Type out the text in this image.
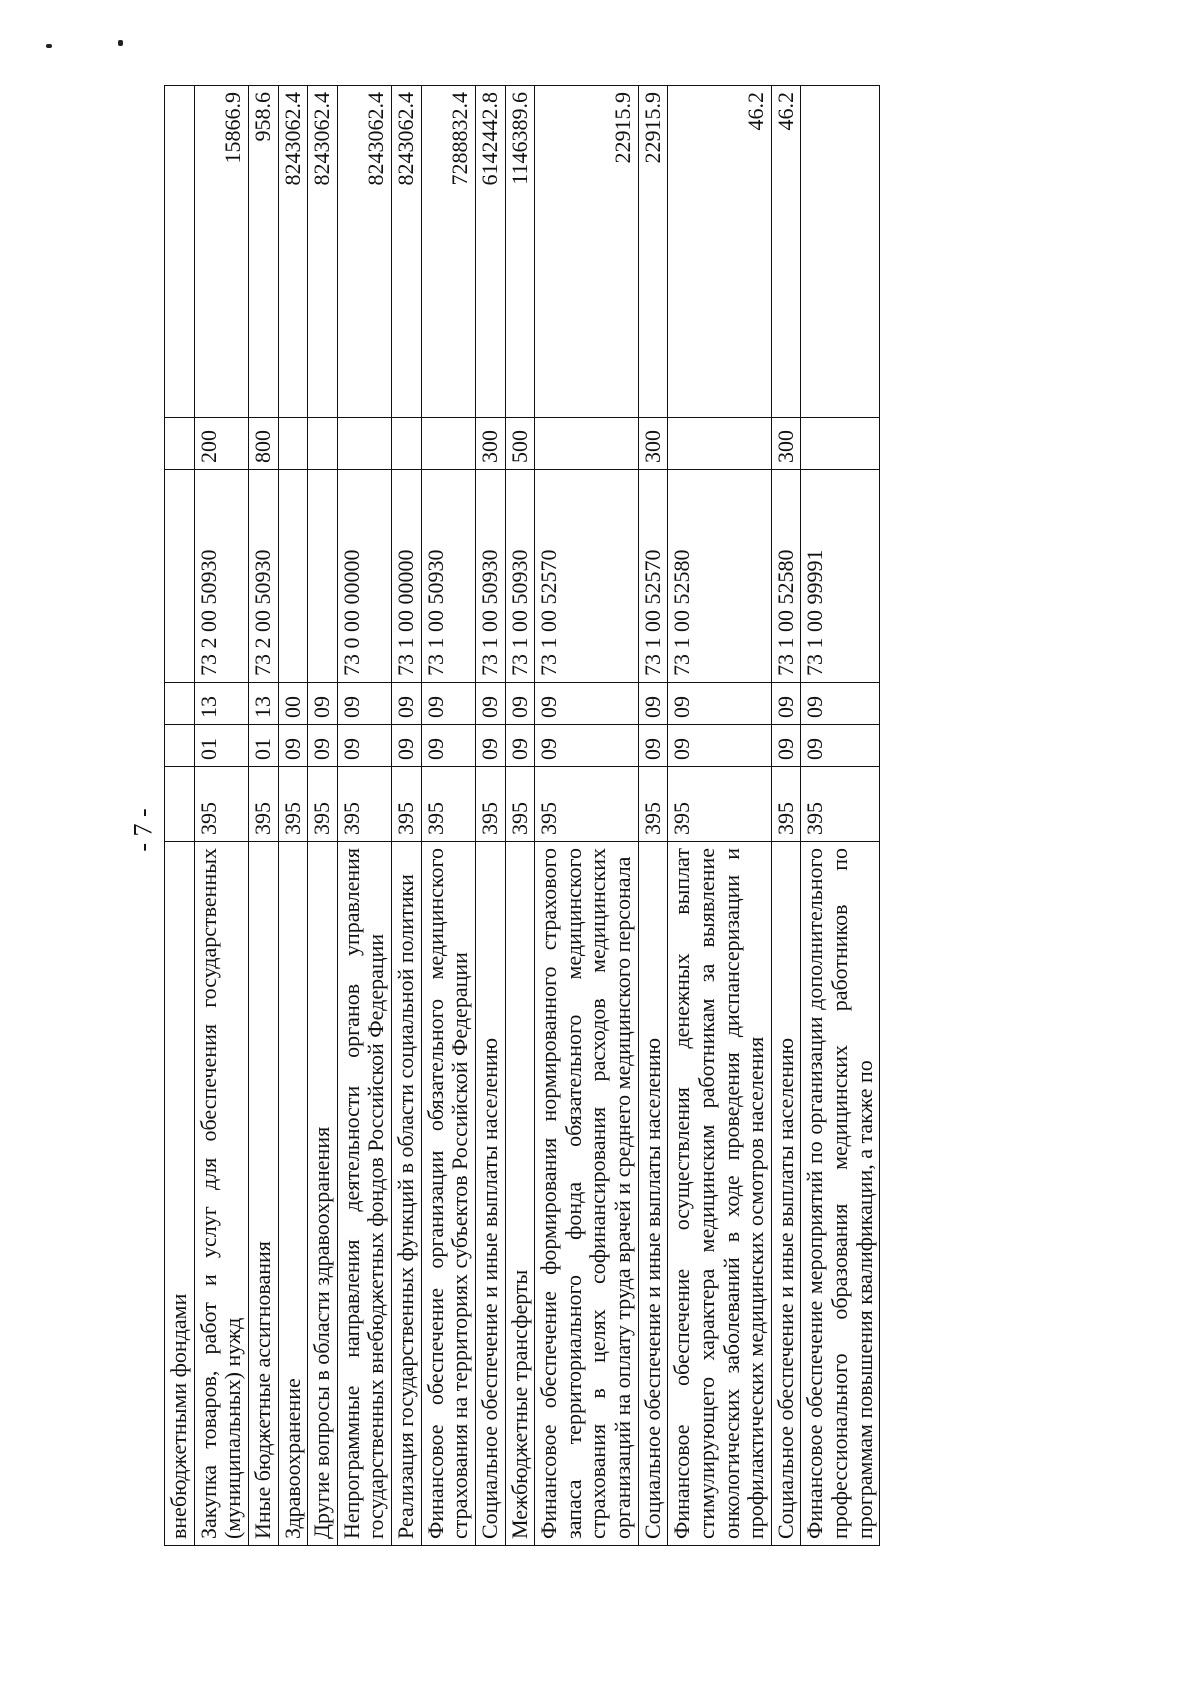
- 7 -
внебюджетными фондами						
Закупка товаров, работ и услуг для обеспечения государственных (муниципальных) нужд	395	01	13	73 2 00 50930	200	15866.9
Иные бюджетные ассигнования	395	01	13	73 2 00 50930	800	958.6
Здравоохранение	395	09	00			8243062.4
Другие вопросы в области здравоохранения	395	09	09			8243062.4
Непрограммные направления деятельности органов управления государственных внебюджетных фондов Российской Федерации	395	09	09	73 0 00 00000		8243062.4
Реализация государственных функций в области социальной политики	395	09	09	73 1 00 00000		8243062.4
Финансовое обеспечение организации обязательного медицинского страхования на территориях субъектов Российской Федерации	395	09	09	73 1 00 50930		7288832.4
Социальное обеспечение и иные выплаты населению	395	09	09	73 1 00 50930	300	6142442.8
Межбюджетные трансферты	395	09	09	73 1 00 50930	500	1146389.6
Финансовое обеспечение формирования нормированного страхового запаса территориального фонда обязательного медицинского страхования в целях софинансирования расходов медицинских организаций на оплату труда врачей и среднего медицинского персонала	395	09	09	73 1 00 52570		22915.9
Социальное обеспечение и иные выплаты населению	395	09	09	73 1 00 52570	300	22915.9
Финансовое обеспечение осуществления денежных выплат стимулирующего характера медицинским работникам за выявление онкологических заболеваний в ходе проведения диспансеризации и профилактических медицинских осмотров населения	395	09	09	73 1 00 52580		46.2
Социальное обеспечение и иные выплаты населению	395	09	09	73 1 00 52580	300	46.2
Финансовое обеспечение мероприятий по организации дополнительного профессионального образования медицинских работников по программам повышения квалификации, а также по	395	09	09	73 1 00 99991		
